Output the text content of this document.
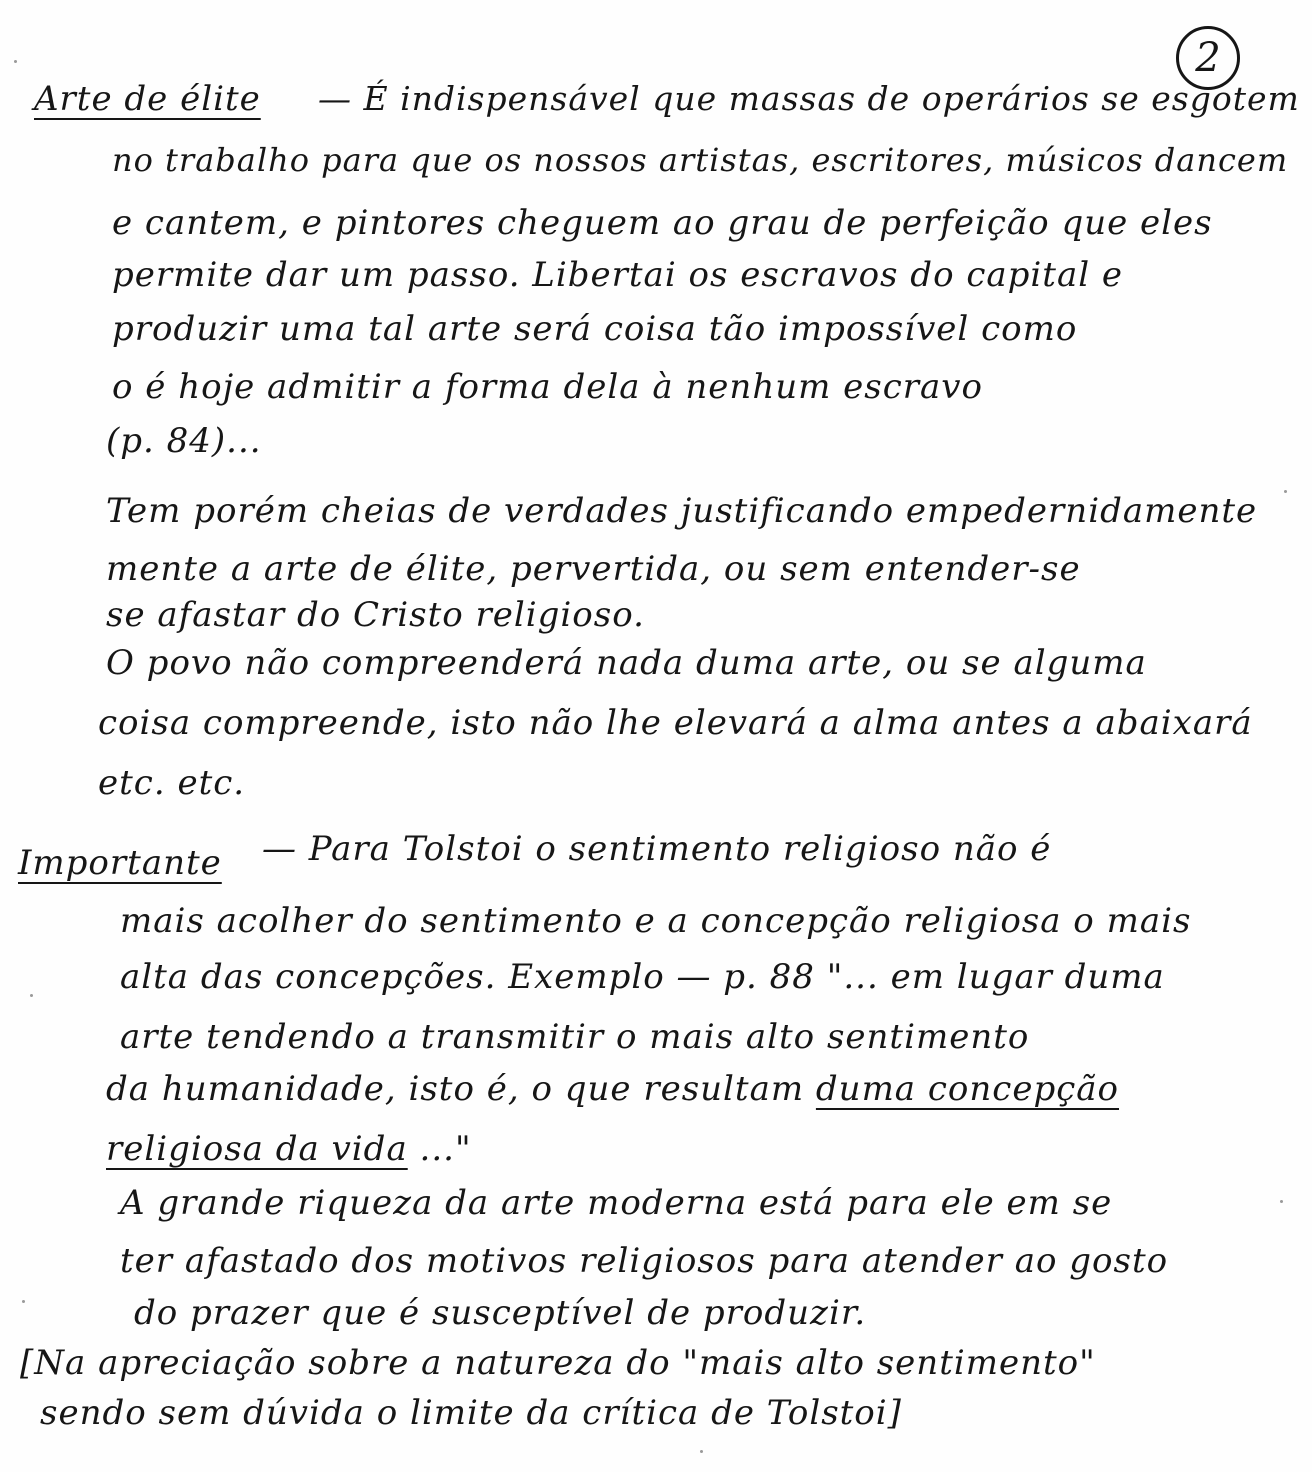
2
Arte de élite — É indispensável que massas de operários se esgotem
no trabalho para que os nossos artistas, escritores, músicos dancem
e cantem, e pintores cheguem ao grau de perfeição que eles
permite dar um passo. Libertai os escravos do capital e
produzir uma tal arte será coisa tão impossível como
o é hoje admitir a forma dela à nenhum escravo
(p. 84)...
Tem porém cheias de verdades justificando empedernidamente
mente a arte de élite, pervertida, ou sem entender-se
se afastar do Cristo religioso.
O povo não compreenderá nada duma arte, ou se alguma
coisa compreende, isto não lhe elevará a alma antes a abaixará
etc. etc.
Importante — Para Tolstoi o sentimento religioso não é
mais acolher do sentimento e a concepção religiosa o mais
alta das concepções. Exemplo — p. 88 "... em lugar duma
arte tendendo a transmitir o mais alto sentimento
da humanidade, isto é, o que resultam duma concepção
religiosa da vida ..."
A grande riqueza da arte moderna está para ele em se
ter afastado dos motivos religiosos para atender ao gosto
do prazer que é susceptível de produzir.
[Na apreciação sobre a natureza do "mais alto sentimento"
sendo sem dúvida o limite da crítica de Tolstoi]
